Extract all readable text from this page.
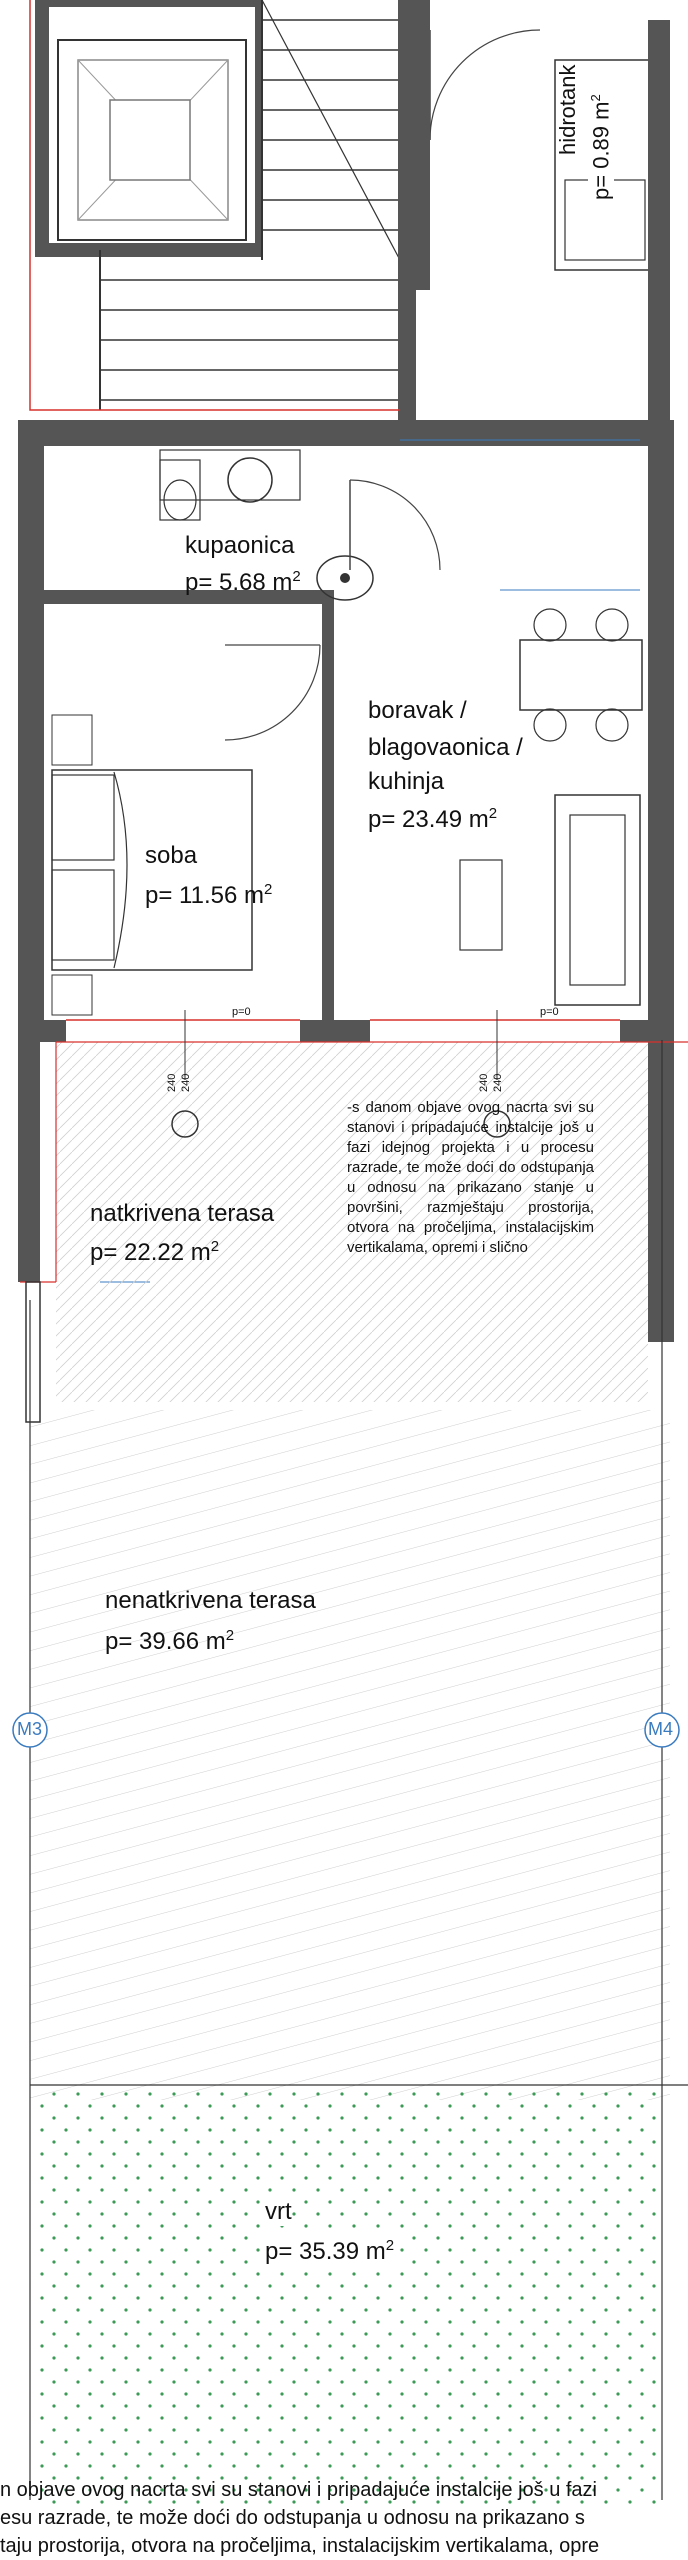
hidrotank
p= 0.89 $m^2$
kupaonica
p= 5.68 $m^2$
boravak /
blagovaonica /
kuhinja
p= 23.49 $m^2$
soba
p= 11.56 $m^2$
p=0	p=0
240 240	240 240
-s danom objave ovog nacrta svi su stanovi i pripadajuće instalcije još u fazi idejnog projekta i u procesu razrade, te može doći do odstupanja u odnosu na prikazano stanje u površini, razmještaju prostorija, otvora na pročeljima, instalacijskim vertikalama, opremi i slično
natkrivena terasa
p= 22.22 $m^2$
nenatkrivena terasa
p= 39.66 $m^2$
M3	M4
vrt
p= 35.39 $m^2$
n objave ovog nacrta svi su stanovi i pripadajuće instalcije još u fazi
esu razrade, te može doći do odstupanja u odnosu na prikazano s
taju prostorija, otvora na pročeljima, instalacijskim vertikalama, opre
